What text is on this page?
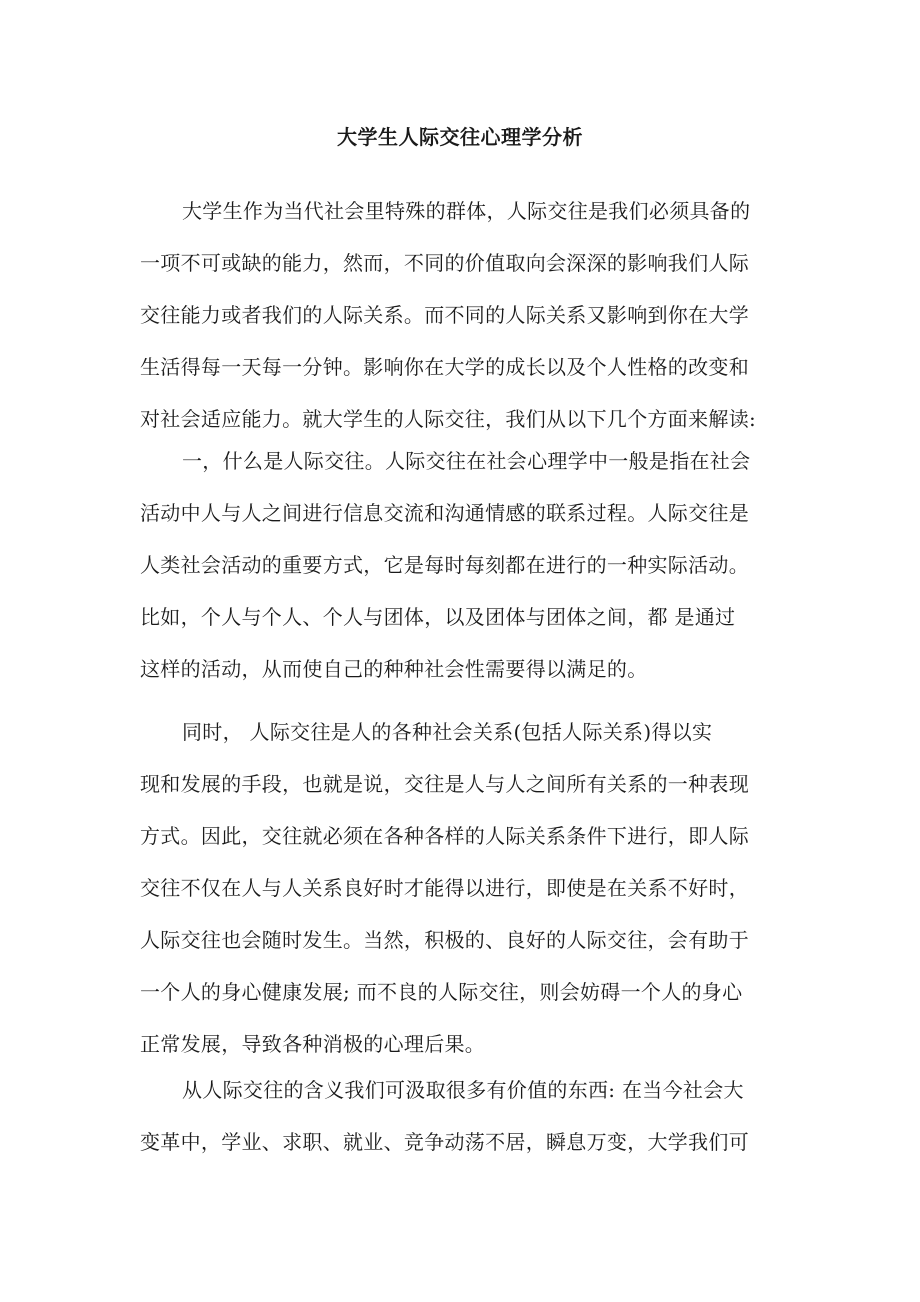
大学生人际交往心理学分析
大学生作为当代社会里特殊的群体，人际交往是我们必须具备的
一项不可或缺的能力，然而，不同的价值取向会深深的影响我们人际
交往能力或者我们的人际关系。而不同的人际关系又影响到你在大学
生活得每一天每一分钟。影响你在大学的成长以及个人性格的改变和
对社会适应能力。就大学生的人际交往，我们从以下几个方面来解读:
一，什么是人际交往。人际交往在社会心理学中一般是指在社会
活动中人与人之间进行信息交流和沟通情感的联系过程。人际交往是
人类社会活动的重要方式，它是每时每刻都在进行的一种实际活动。
比如，个人与个人、个人与团体，以及团体与团体之间，都 是通过
这样的活动，从而使自己的种种社会性需要得以满足的。
同时， 人际交往是人的各种社会关系(包括人际关系)得以实
现和发展的手段，也就是说，交往是人与人之间所有关系的一种表现
方式。因此，交往就必须在各种各样的人际关系条件下进行，即人际
交往不仅在人与人关系良好时才能得以进行，即使是在关系不好时，
人际交往也会随时发生。当然，积极的、良好的人际交往，会有助于
一个人的身心健康发展; 而不良的人际交往，则会妨碍一个人的身心
正常发展，导致各种消极的心理后果。
从人际交往的含义我们可汲取很多有价值的东西: 在当今社会大
变革中，学业、求职、就业、竞争动荡不居，瞬息万变，大学我们可
